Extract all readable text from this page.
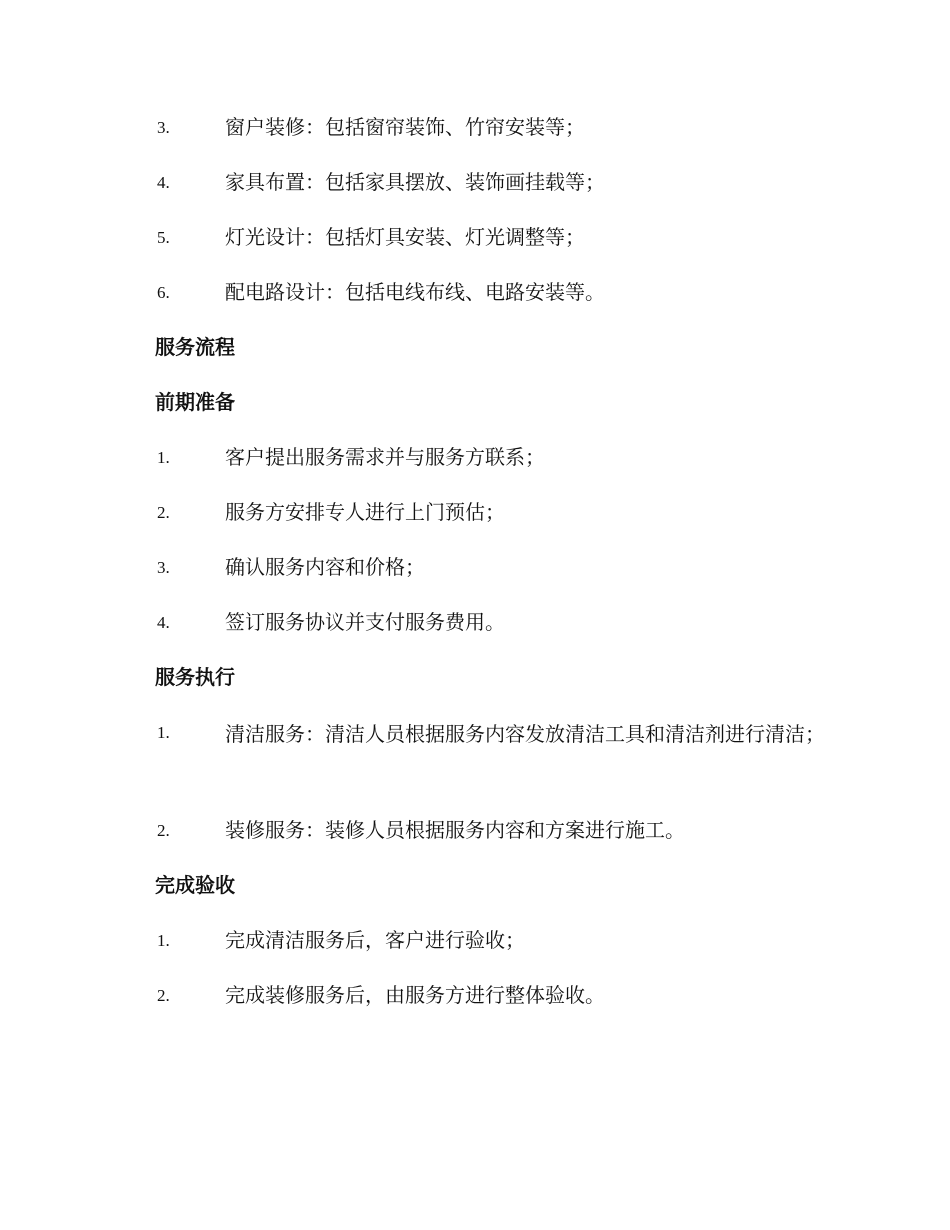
3.	窗户装修：包括窗帘装饰、竹帘安装等；
4.	家具布置：包括家具摆放、装饰画挂载等；
5.	灯光设计：包括灯具安装、灯光调整等；
6.	配电路设计：包括电线布线、电路安装等。
服务流程
前期准备
1.	客户提出服务需求并与服务方联系；
2.	服务方安排专人进行上门预估；
3.	确认服务内容和价格；
4.	签订服务协议并支付服务费用。
服务执行
1.	清洁服务：清洁人员根据服务内容发放清洁工具和清洁剂进行清洁；
2.	装修服务：装修人员根据服务内容和方案进行施工。
完成验收
1.	完成清洁服务后，客户进行验收；
2.	完成装修服务后，由服务方进行整体验收。
